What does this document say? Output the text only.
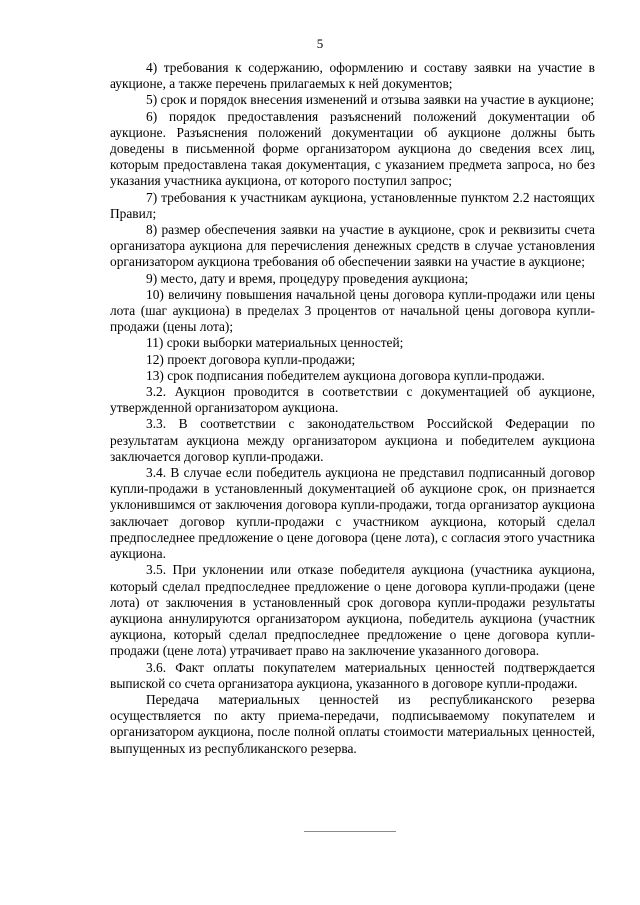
5

4) требования к содержанию, оформлению и составу заявки на участие в аукционе, а также перечень прилагаемых к ней документов;

5) срок и порядок внесения изменений и отзыва заявки на участие в аукционе;

6) порядок предоставления разъяснений положений документации об аукционе. Разъяснения положений документации об аукционе должны быть доведены в письменной форме организатором аукциона до сведения всех лиц, которым предоставлена такая документация, с указанием предмета запроса, но без указания участника аукциона, от которого поступил запрос;

7) требования к участникам аукциона, установленные пунктом 2.2 настоящих Правил;

8) размер обеспечения заявки на участие в аукционе, срок и реквизиты счета организатора аукциона для перечисления денежных средств в случае установления организатором аукциона требования об обеспечении заявки на участие в аукционе;

9) место, дату и время, процедуру проведения аукциона;

10) величину повышения начальной цены договора купли-продажи или цены лота (шаг аукциона) в пределах 3 процентов от начальной цены договора купли-продажи (цены лота);

11) сроки выборки материальных ценностей;

12) проект договора купли-продажи;

13) срок подписания победителем аукциона договора купли-продажи.

3.2. Аукцион проводится в соответствии с документацией об аукционе, утвержденной организатором аукциона.

3.3. В соответствии с законодательством Российской Федерации по результатам аукциона между организатором аукциона и победителем аукциона заключается договор купли-продажи.

3.4. В случае если победитель аукциона не представил подписанный договор купли-продажи в установленный документацией об аукционе срок, он признается уклонившимся от заключения договора купли-продажи, тогда организатор аукциона заключает договор купли-продажи с участником аукциона, который сделал предпоследнее предложение о цене договора (цене лота), с согласия этого участника аукциона.

3.5. При уклонении или отказе победителя аукциона (участника аукциона, который сделал предпоследнее предложение о цене договора купли-продажи (цене лота) от заключения в установленный срок договора купли-продажи результаты аукциона аннулируются организатором аукциона, победитель аукциона (участник аукциона, который сделал предпоследнее предложение о цене договора купли-продажи (цене лота) утрачивает право на заключение указанного договора.

3.6. Факт оплаты покупателем материальных ценностей подтверждается выпиской со счета организатора аукциона, указанного в договоре купли-продажи.

Передача материальных ценностей из республиканского резерва осуществляется по акту приема-передачи, подписываемому покупателем и организатором аукциона, после полной оплаты стоимости материальных ценностей, выпущенных из республиканского резерва.
